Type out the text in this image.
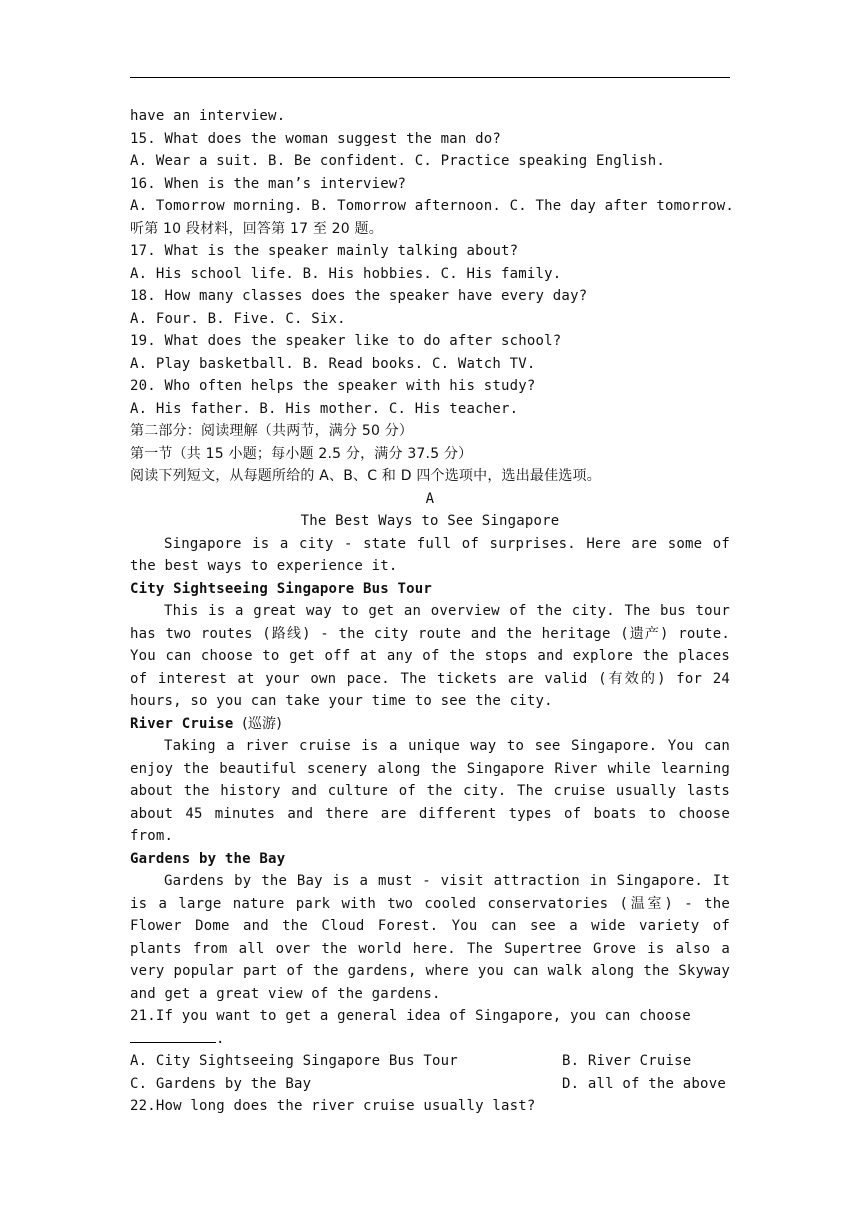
have an interview.
15. What does the woman suggest the man do?
A. Wear a suit. B. Be confident. C. Practice speaking English.
16. When is the man’s interview?
A. Tomorrow morning. B. Tomorrow afternoon. C. The day after tomorrow.
听第 10 段材料，回答第 17 至 20 题。
17. What is the speaker mainly talking about?
A. His school life. B. His hobbies. C. His family.
18. How many classes does the speaker have every day?
A. Four. B. Five. C. Six.
19. What does the speaker like to do after school?
A. Play basketball. B. Read books. C. Watch TV.
20. Who often helps the speaker with his study?
A. His father. B. His mother. C. His teacher.
第二部分：阅读理解（共两节，满分 50 分）
第一节（共 15 小题；每小题 2.5 分，满分 37.5 分）
阅读下列短文，从每题所给的 A、B、C 和 D 四个选项中，选出最佳选项。
A
The Best Ways to See Singapore
Singapore is a city - state full of surprises. Here are some of the best ways to experience it.
City Sightseeing Singapore Bus Tour
This is a great way to get an overview of the city. The bus tour has two routes (路线) - the city route and the heritage (遗产) route. You can choose to get off at any of the stops and explore the places of interest at your own pace. The tickets are valid (有效的) for 24 hours, so you can take your time to see the city.
River Cruise (巡游)
Taking a river cruise is a unique way to see Singapore. You can enjoy the beautiful scenery along the Singapore River while learning about the history and culture of the city. The cruise usually lasts about 45 minutes and there are different types of boats to choose from.
Gardens by the Bay
Gardens by the Bay is a must - visit attraction in Singapore. It is a large nature park with two cooled conservatories (温室) - the Flower Dome and the Cloud Forest. You can see a wide variety of plants from all over the world here. The Supertree Grove is also a very popular part of the gardens, where you can walk along the Skyway and get a great view of the gardens.
21.If you want to get a general idea of Singapore, you can choose
.
A. City Sightseeing Singapore Bus Tour	B. River Cruise
C. Gardens by the Bay	D. all of the above
22.How long does the river cruise usually last?
